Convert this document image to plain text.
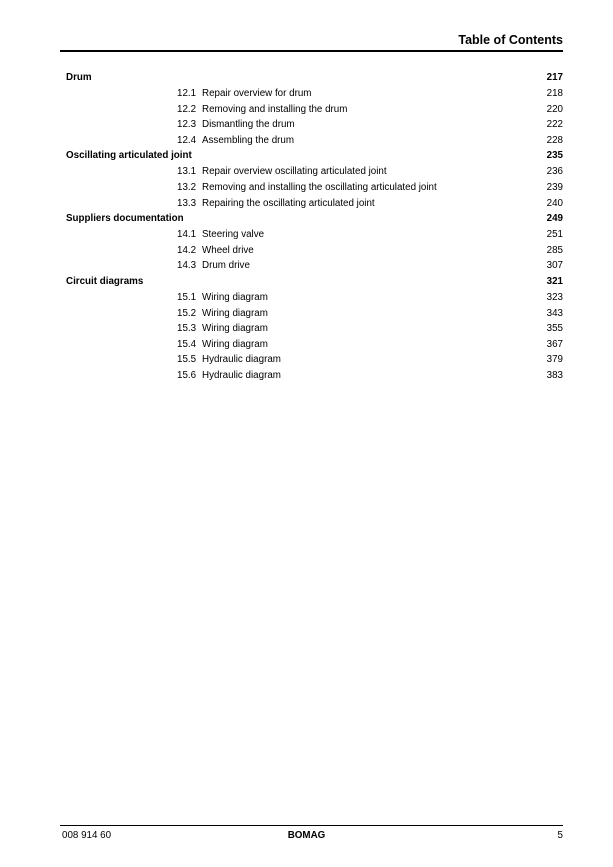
Table of Contents
Drum	217
12.1 Repair overview for drum	218
12.2 Removing and installing the drum	220
12.3 Dismantling the drum	222
12.4 Assembling the drum	228
Oscillating articulated joint	235
13.1 Repair overview oscillating articulated joint	236
13.2 Removing and installing the oscillating articulated joint	239
13.3 Repairing the oscillating articulated joint	240
Suppliers documentation	249
14.1 Steering valve	251
14.2 Wheel drive	285
14.3 Drum drive	307
Circuit diagrams	321
15.1 Wiring diagram	323
15.2 Wiring diagram	343
15.3 Wiring diagram	355
15.4 Wiring diagram	367
15.5 Hydraulic diagram	379
15.6 Hydraulic diagram	383
008 914 60	BOMAG	5
